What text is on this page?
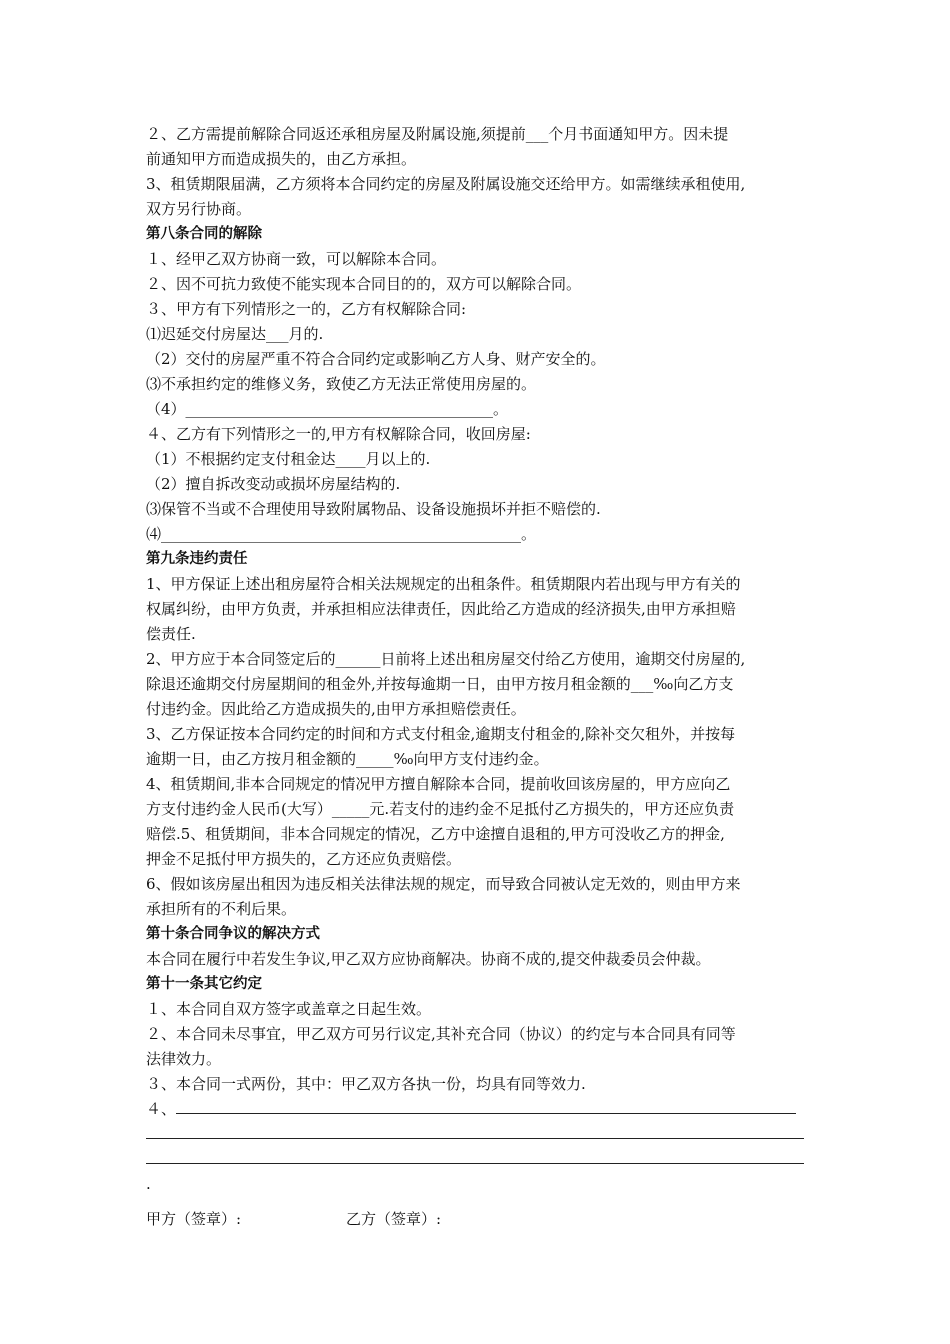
２、乙方需提前解除合同返还承租房屋及附属设施,须提前___个月书面通知甲方。因未提
前通知甲方而造成损失的，由乙方承担。
3、租赁期限届满，乙方须将本合同约定的房屋及附属设施交还给甲方。如需继续承租使用,
双方另行协商。
第八条合同的解除
１、经甲乙双方协商一致，可以解除本合同。
２、因不可抗力致使不能实现本合同目的的，双方可以解除合同。
３、甲方有下列情形之一的，乙方有权解除合同:
⑴迟延交付房屋达___月的.
（2）交付的房屋严重不符合合同约定或影响乙方人身、财产安全的。
⑶不承担约定的维修义务，致使乙方无法正常使用房屋的。
（4）_________________________________________。
４、乙方有下列情形之一的,甲方有权解除合同，收回房屋:
（1）不根据约定支付租金达____月以上的.
（2）擅自拆改变动或损坏房屋结构的.
⑶保管不当或不合理使用导致附属物品、设备设施损坏并拒不赔偿的.
⑷________________________________________________。
第九条违约责任
1、甲方保证上述出租房屋符合相关法规规定的出租条件。租赁期限内若出现与甲方有关的
权属纠纷，由甲方负责，并承担相应法律责任，因此给乙方造成的经济损失,由甲方承担赔
偿责任.
2、甲方应于本合同签定后的______日前将上述出租房屋交付给乙方使用，逾期交付房屋的,
除退还逾期交付房屋期间的租金外,并按每逾期一日，由甲方按月租金额的___‰向乙方支
付违约金。因此给乙方造成损失的,由甲方承担赔偿责任。
3、乙方保证按本合同约定的时间和方式支付租金,逾期支付租金的,除补交欠租外，并按每
逾期一日，由乙方按月租金额的_____‰向甲方支付违约金。
4、租赁期间,非本合同规定的情况甲方擅自解除本合同，提前收回该房屋的，甲方应向乙
方支付违约金人民币(大写）_____元.若支付的违约金不足抵付乙方损失的，甲方还应负责
赔偿.5、租赁期间，非本合同规定的情况，乙方中途擅自退租的,甲方可没收乙方的押金,
押金不足抵付甲方损失的，乙方还应负责赔偿。
6、假如该房屋出租因为违反相关法律法规的规定，而导致合同被认定无效的，则由甲方来
承担所有的不利后果。
第十条合同争议的解决方式
本合同在履行中若发生争议,甲乙双方应协商解决。协商不成的,提交仲裁委员会仲裁。
第十一条其它约定
１、本合同自双方签字或盖章之日起生效。
２、本合同未尽事宜，甲乙双方可另行议定,其补充合同（协议）的约定与本合同具有同等
法律效力。
３、本合同一式两份，其中：甲乙双方各执一份，均具有同等效力.
４、
.
甲方（签章）:	乙方（签章）:
